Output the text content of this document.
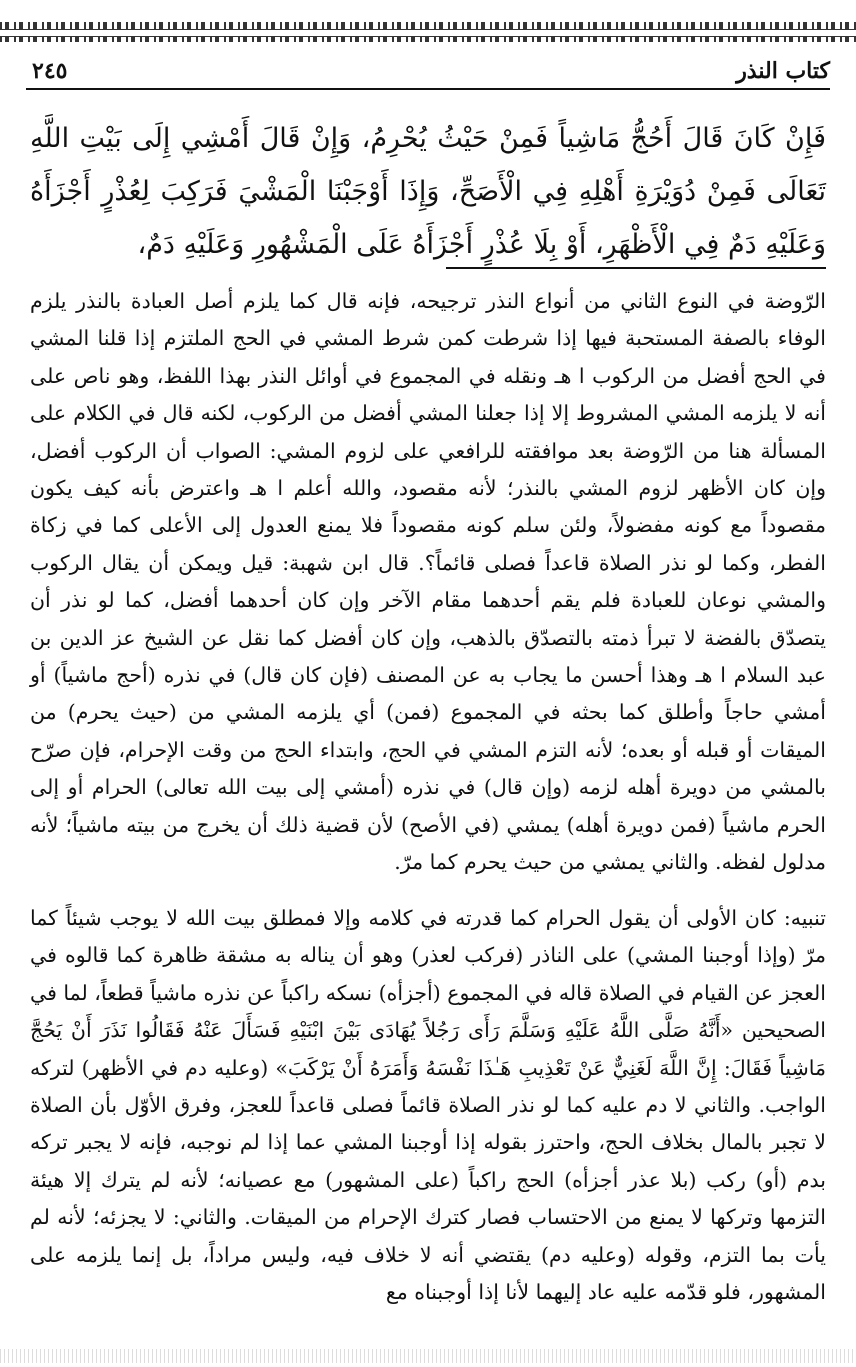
كتاب النذر
٢٤٥
فَإِنْ كَانَ قَالَ أَحُجُّ مَاشِياً فَمِنْ حَيْثُ يُحْرِمُ، وَإِنْ قَالَ أَمْشِي إِلَى بَيْتِ اللَّهِ تَعَالَى فَمِنْ دُوَيْرَةِ أَهْلِهِ فِي الْأَصَحِّ، وَإِذَا أَوْجَبْنَا الْمَشْيَ فَرَكِبَ لِعُذْرٍ أَجْزَأَهُ وَعَلَيْهِ دَمٌ فِي الْأَظْهَرِ، أَوْ بِلَا عُذْرٍ أَجْزَأَهُ عَلَى الْمَشْهُورِ وَعَلَيْهِ دَمٌ،
الرّوضة في النوع الثاني من أنواع النذر ترجيحه، فإنه قال كما يلزم أصل العبادة بالنذر يلزم الوفاء بالصفة المستحبة فيها إذا شرطت كمن شرط المشي في الحج الملتزم إذا قلنا المشي في الحج أفضل من الركوب ا هـ ونقله في المجموع في أوائل النذر بهذا اللفظ، وهو ناص على أنه لا يلزمه المشي المشروط إلا إذا جعلنا المشي أفضل من الركوب، لكنه قال في الكلام على المسألة هنا من الرّوضة بعد موافقته للرافعي على لزوم المشي: الصواب أن الركوب أفضل، وإن كان الأظهر لزوم المشي بالنذر؛ لأنه مقصود، والله أعلم ا هـ واعترض بأنه كيف يكون مقصوداً مع كونه مفضولاً، ولئن سلم كونه مقصوداً فلا يمنع العدول إلى الأعلى كما في زكاة الفطر، وكما لو نذر الصلاة قاعداً فصلى قائماً؟. قال ابن شهبة: قيل ويمكن أن يقال الركوب والمشي نوعان للعبادة فلم يقم أحدهما مقام الآخر وإن كان أحدهما أفضل، كما لو نذر أن يتصدّق بالفضة لا تبرأ ذمته بالتصدّق بالذهب، وإن كان أفضل كما نقل عن الشيخ عز الدين بن عبد السلام ا هـ وهذا أحسن ما يجاب به عن المصنف (فإن كان قال) في نذره (أحج ماشياً) أو أمشي حاجاً وأطلق كما بحثه في المجموع (فمن) أي يلزمه المشي من (حيث يحرم) من الميقات أو قبله أو بعده؛ لأنه التزم المشي في الحج، وابتداء الحج من وقت الإحرام، فإن صرّح بالمشي من دويرة أهله لزمه (وإن قال) في نذره (أمشي إلى بيت الله تعالى) الحرام أو إلى الحرم ماشياً (فمن دويرة أهله) يمشي (في الأصح) لأن قضية ذلك أن يخرج من بيته ماشياً؛ لأنه مدلول لفظه. والثاني يمشي من حيث يحرم كما مرّ.
تنبيه: كان الأولى أن يقول الحرام كما قدرته في كلامه وإلا فمطلق بيت الله لا يوجب شيئاً كما مرّ (وإذا أوجبنا المشي) على الناذر (فركب لعذر) وهو أن يناله به مشقة ظاهرة كما قالوه في العجز عن القيام في الصلاة قاله في المجموع (أجزأه) نسكه راكباً عن نذره ماشياً قطعاً، لما في الصحيحين «أَنَّهُ صَلَّى اللَّهُ عَلَيْهِ وَسَلَّمَ رَأَى رَجُلاً يُهَادَى بَيْنَ ابْنَيْهِ فَسَأَلَ عَنْهُ فَقَالُوا نَذَرَ أَنْ يَحُجَّ مَاشِياً فَقَالَ: إِنَّ اللَّهَ لَغَنِيٌّ عَنْ تَعْذِيبِ هَـٰذَا نَفْسَهُ وَأَمَرَهُ أَنْ يَرْكَبَ» (وعليه دم في الأظهر) لتركه الواجب. والثاني لا دم عليه كما لو نذر الصلاة قائماً فصلى قاعداً للعجز، وفرق الأوّل بأن الصلاة لا تجبر بالمال بخلاف الحج، واحترز بقوله إذا أوجبنا المشي عما إذا لم نوجبه، فإنه لا يجبر تركه بدم (أو) ركب (بلا عذر أجزأه) الحج راكباً (على المشهور) مع عصيانه؛ لأنه لم يترك إلا هيئة التزمها وتركها لا يمنع من الاحتساب فصار كترك الإحرام من الميقات. والثاني: لا يجزئه؛ لأنه لم يأت بما التزم، وقوله (وعليه دم) يقتضي أنه لا خلاف فيه، وليس مراداً، بل إنما يلزمه على المشهور، فلو قدّمه عليه عاد إليهما لأنا إذا أوجبناه مع
